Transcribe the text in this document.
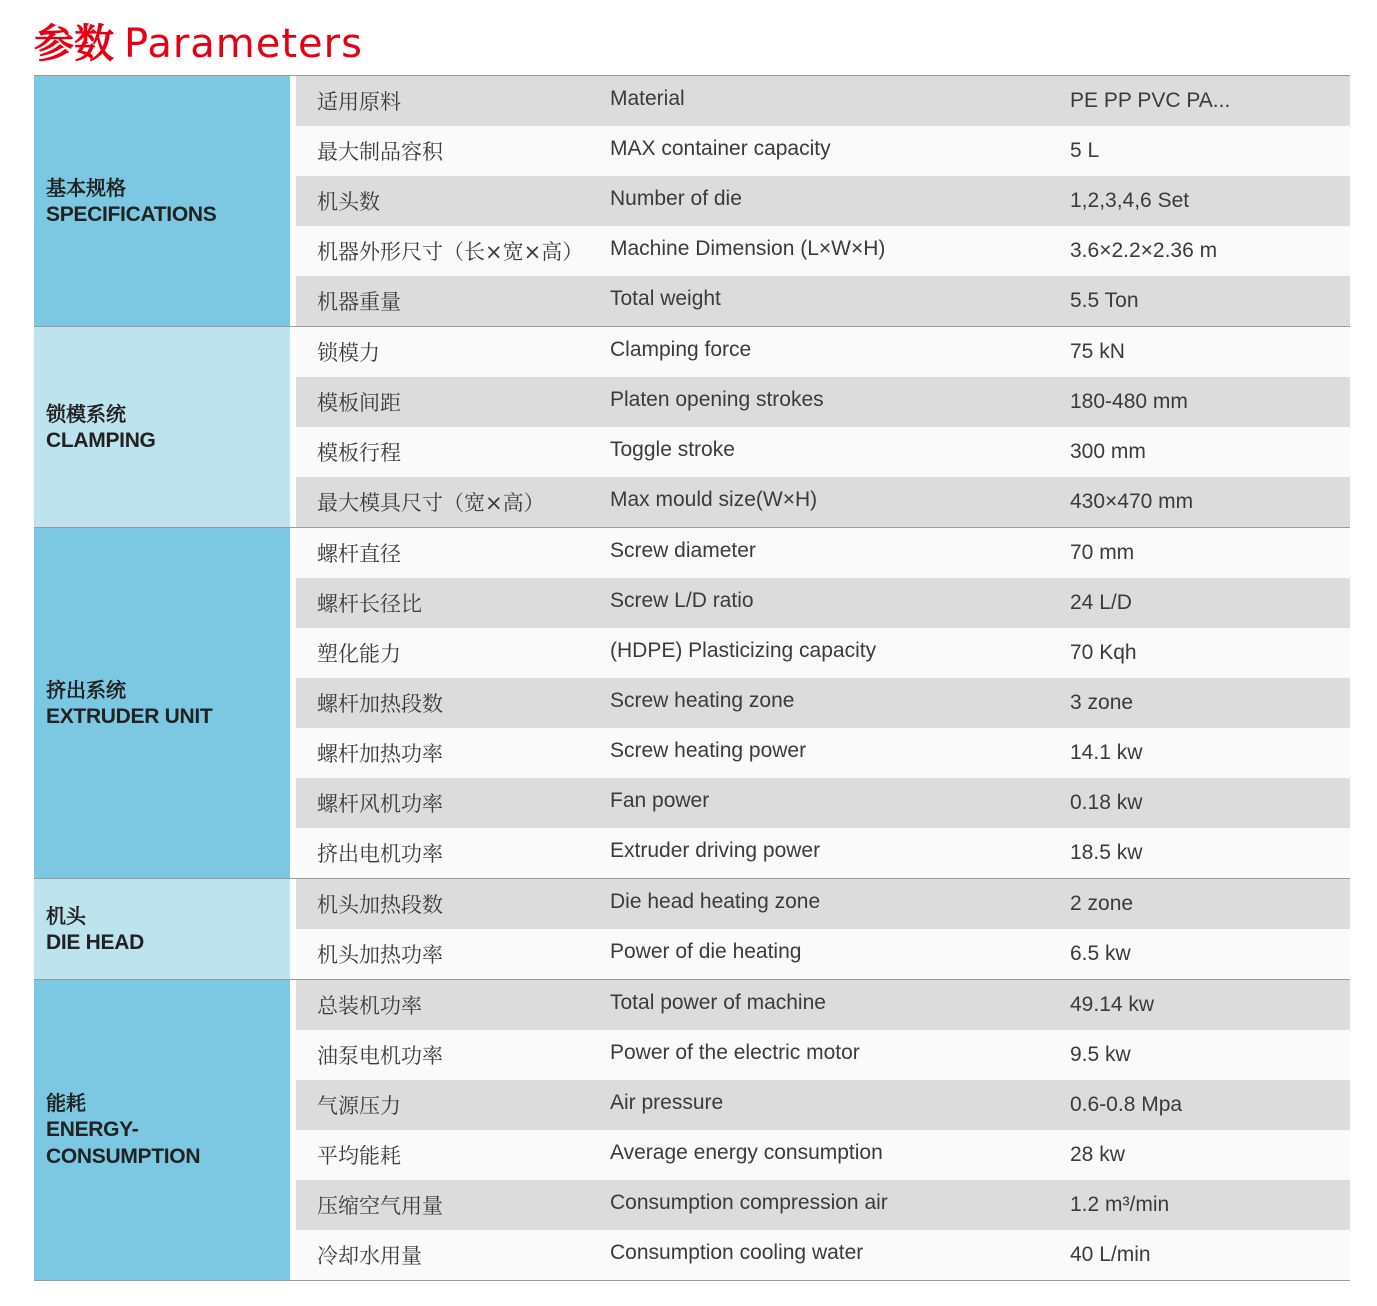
参数 Parameters
基本规格
SPECIFICATIONS
适用原料	Material	PE PP PVC PA...
最大制品容积	MAX container capacity	5 L
机头数	Number of die	1,2,3,4,6 Set
机器外形尺寸（长×宽×高）	Machine Dimension (L×W×H)	3.6×2.2×2.36 m
机器重量	Total weight	5.5 Ton
锁模系统
CLAMPING
锁模力	Clamping force	75 kN
模板间距	Platen opening strokes	180-480 mm
模板行程	Toggle stroke	300 mm
最大模具尺寸（宽×高）	Max mould size(W×H)	430×470 mm
挤出系统
EXTRUDER UNIT
螺杆直径	Screw diameter	70 mm
螺杆长径比	Screw L/D ratio	24 L/D
塑化能力	(HDPE) Plasticizing capacity	70 Kqh
螺杆加热段数	Screw heating zone	3 zone
螺杆加热功率	Screw heating power	14.1 kw
螺杆风机功率	Fan power	0.18 kw
挤出电机功率	Extruder driving power	18.5 kw
机头
DIE HEAD
机头加热段数	Die head heating zone	2 zone
机头加热功率	Power of die heating	6.5 kw
能耗
ENERGY-CONSUMPTION
总装机功率	Total power of machine	49.14 kw
油泵电机功率	Power of the electric motor	9.5 kw
气源压力	Air pressure	0.6-0.8 Mpa
平均能耗	Average energy consumption	28 kw
压缩空气用量	Consumption compression air	1.2 m³/min
冷却水用量	Consumption cooling water	40 L/min
